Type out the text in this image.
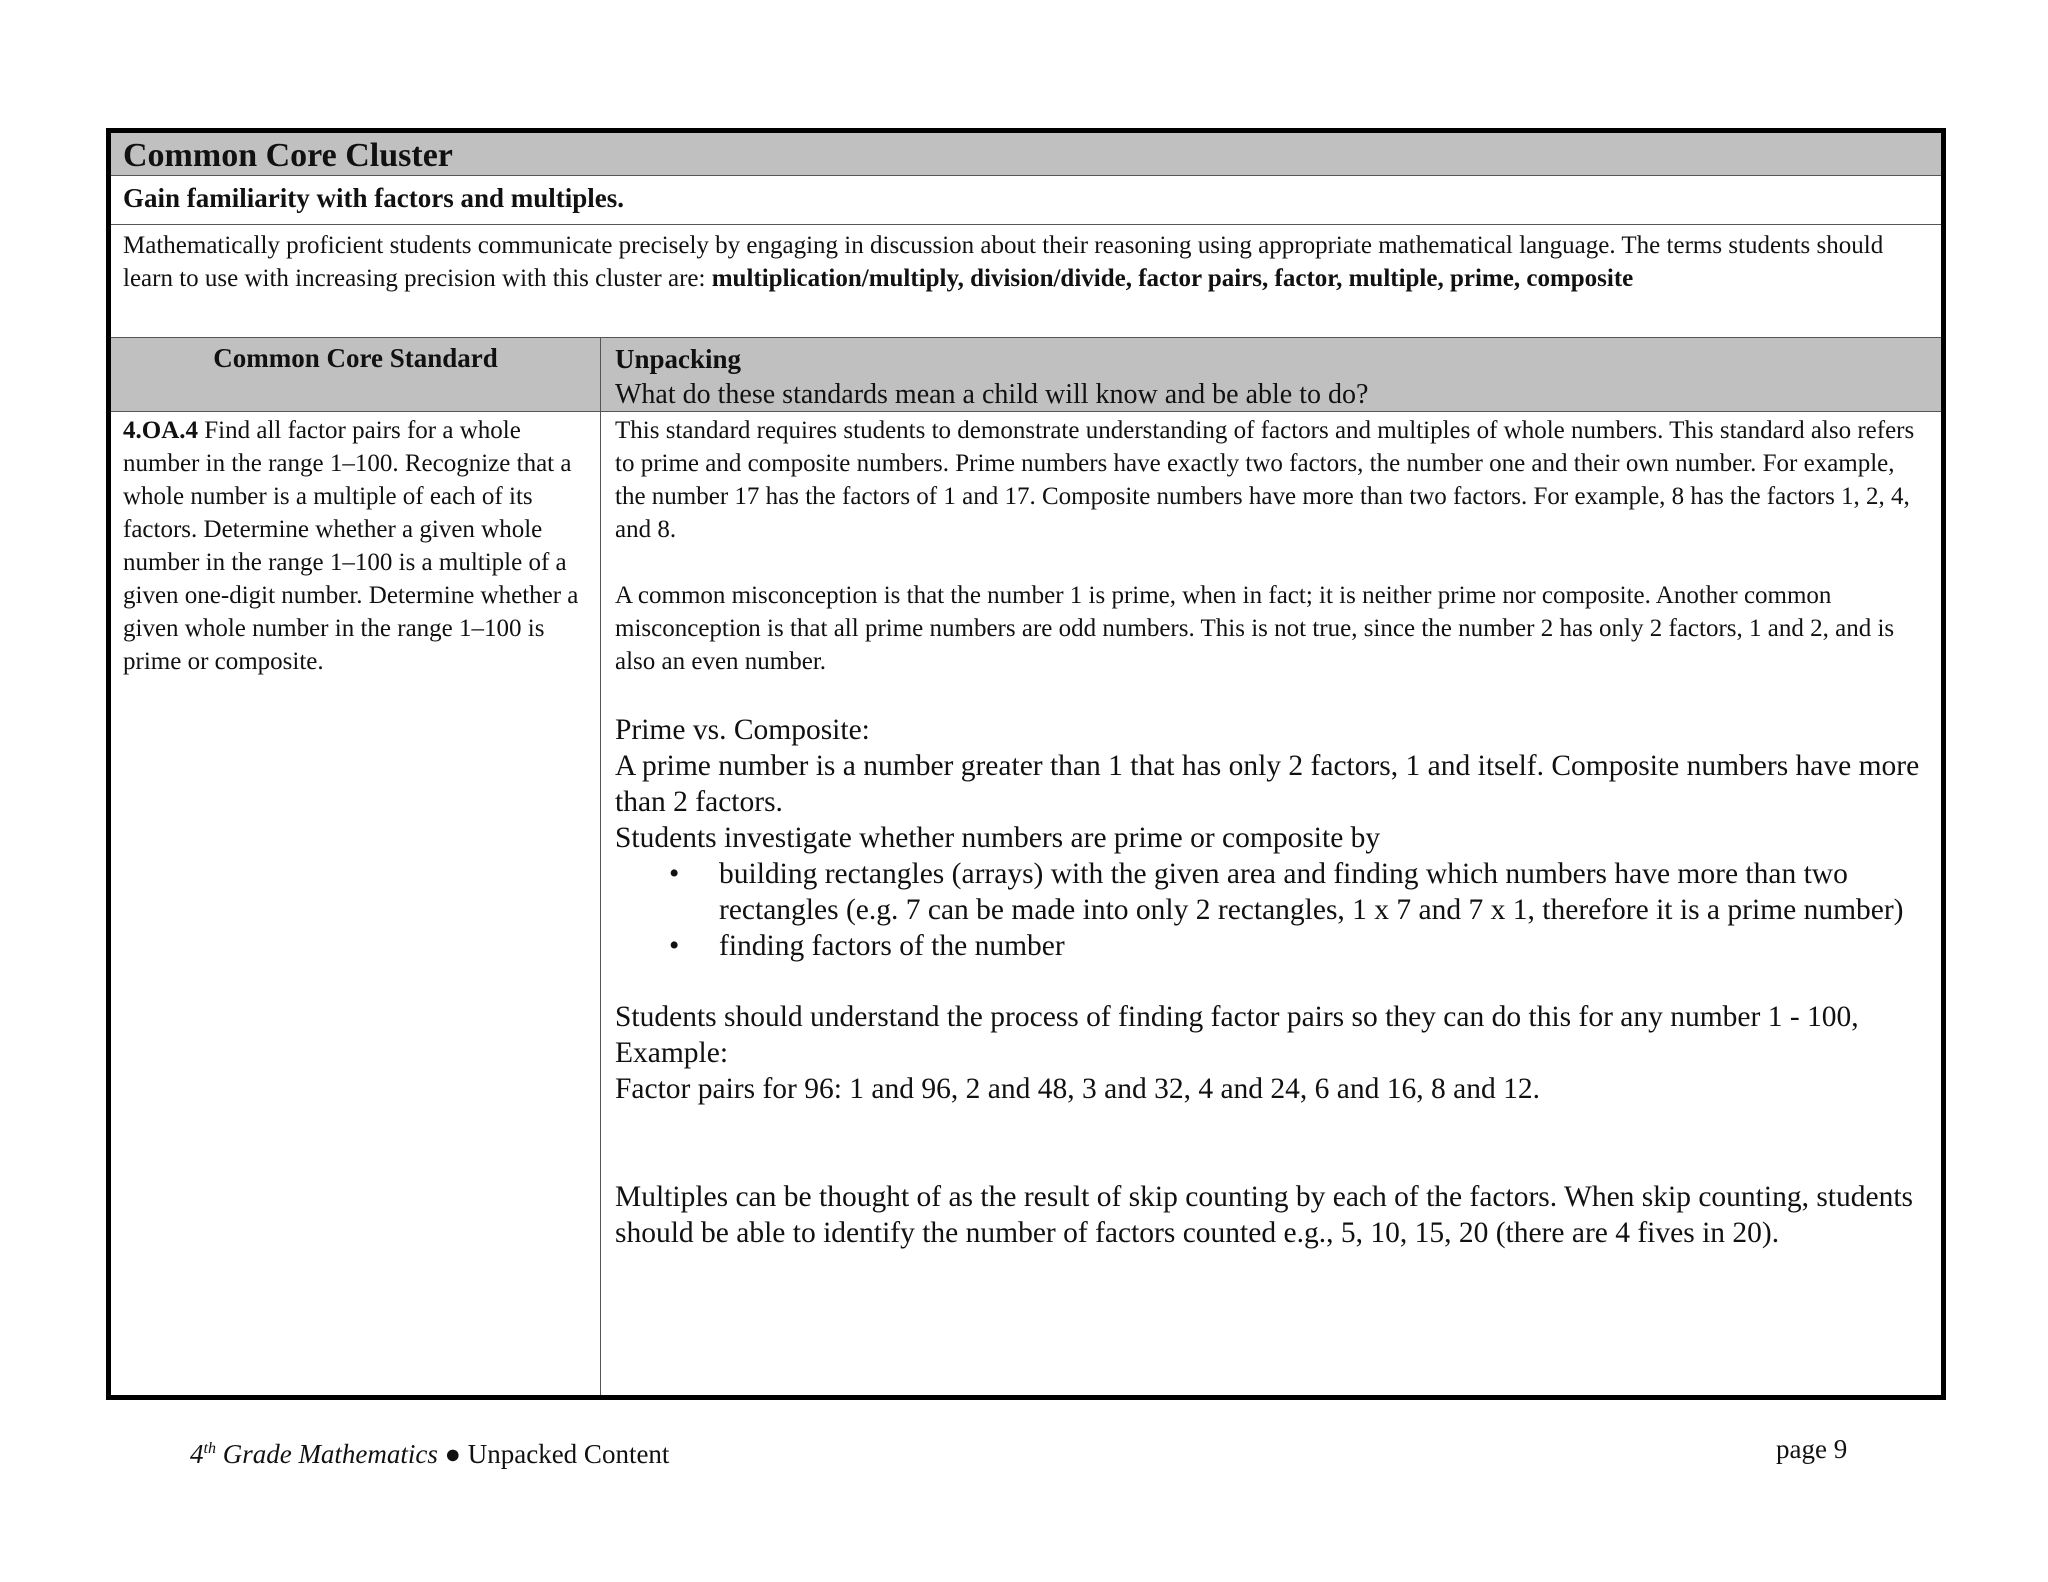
Common Core Cluster
Gain familiarity with factors and multiples.
Mathematically proficient students communicate precisely by engaging in discussion about their reasoning using appropriate mathematical language. The terms students should learn to use with increasing precision with this cluster are: multiplication/multiply, division/divide, factor pairs, factor, multiple, prime, composite
Common Core Standard	Unpacking
What do these standards mean a child will know and be able to do?
4.OA.4 Find all factor pairs for a whole number in the range 1–100. Recognize that a whole number is a multiple of each of its factors. Determine whether a given whole number in the range 1–100 is a multiple of a given one-digit number. Determine whether a given whole number in the range 1–100 is prime or composite.

This standard requires students to demonstrate understanding of factors and multiples of whole numbers. This standard also refers to prime and composite numbers. Prime numbers have exactly two factors, the number one and their own number. For example, the number 17 has the factors of 1 and 17. Composite numbers have more than two factors. For example, 8 has the factors 1, 2, 4, and 8.

A common misconception is that the number 1 is prime, when in fact; it is neither prime nor composite. Another common misconception is that all prime numbers are odd numbers. This is not true, since the number 2 has only 2 factors, 1 and 2, and is also an even number.

Prime vs. Composite:

A prime number is a number greater than 1 that has only 2 factors, 1 and itself. Composite numbers have more than 2 factors.

Students investigate whether numbers are prime or composite by

• building rectangles (arrays) with the given area and finding which numbers have more than two rectangles (e.g. 7 can be made into only 2 rectangles, 1 x 7 and 7 x 1, therefore it is a prime number)
• finding factors of the number

Students should understand the process of finding factor pairs so they can do this for any number 1 - 100,

Example:

Factor pairs for 96: 1 and 96, 2 and 48, 3 and 32, 4 and 24, 6 and 16, 8 and 12.

Multiples can be thought of as the result of skip counting by each of the factors. When skip counting, students should be able to identify the number of factors counted e.g., 5, 10, 15, 20 (there are 4 fives in 20).

4th Grade Mathematics ● Unpacked Content	page 9
